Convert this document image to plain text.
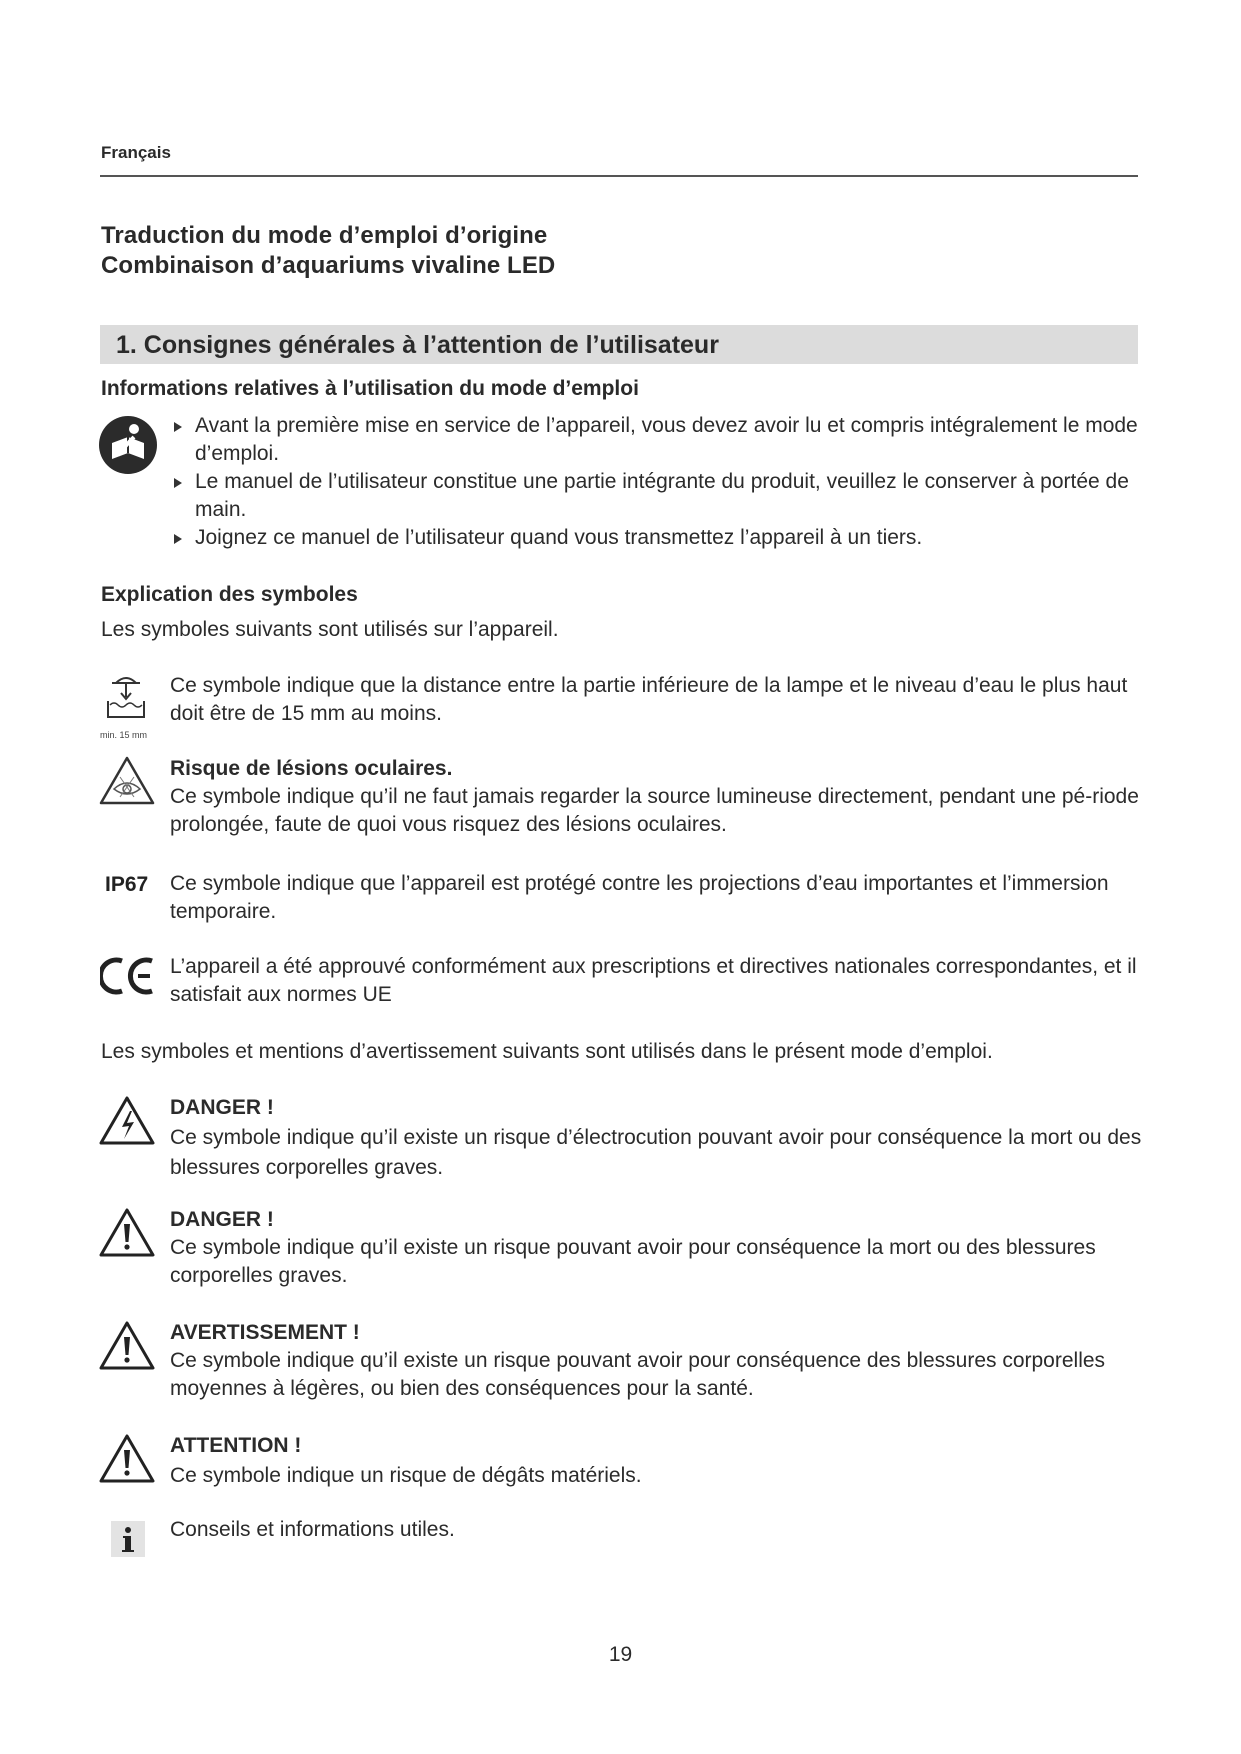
Français
Traduction du mode d’emploi d’origine
Combinaison d’aquariums vivaline LED
1. Consignes générales à l’attention de l’utilisateur
Informations relatives à l’utilisation du mode d’emploi
Avant la première mise en service de l’appareil, vous devez avoir lu et compris intégralement le mode d’emploi.
Le manuel de l’utilisateur constitue une partie intégrante du produit, veuillez le conserver à portée de main.
Joignez ce manuel de l’utilisateur quand vous transmettez l’appareil à un tiers.
Explication des symboles
Les symboles suivants sont utilisés sur l’appareil.
min. 15 mm
Ce symbole indique que la distance entre la partie inférieure de la lampe et le niveau d’eau le plus haut doit être de 15 mm au moins.
Risque de lésions oculaires.
Ce symbole indique qu’il ne faut jamais regarder la source lumineuse directement, pendant une pé-riode prolongée, faute de quoi vous risquez des lésions oculaires.
IP67 Ce symbole indique que l’appareil est protégé contre les projections d’eau importantes et l’immersion temporaire.
L’appareil a été approuvé conformément aux prescriptions et directives nationales correspondantes, et il satisfait aux normes UE
Les symboles et mentions d’avertissement suivants sont utilisés dans le présent mode d’emploi.
DANGER !
Ce symbole indique qu’il existe un risque d’électrocution pouvant avoir pour conséquence la mort ou des blessures corporelles graves.
DANGER !
Ce symbole indique qu’il existe un risque pouvant avoir pour conséquence la mort ou des blessures corporelles graves.
AVERTISSEMENT !
Ce symbole indique qu’il existe un risque pouvant avoir pour conséquence des blessures corporelles moyennes à légères, ou bien des conséquences pour la santé.
ATTENTION !
Ce symbole indique un risque de dégâts matériels.
Conseils et informations utiles.
19
